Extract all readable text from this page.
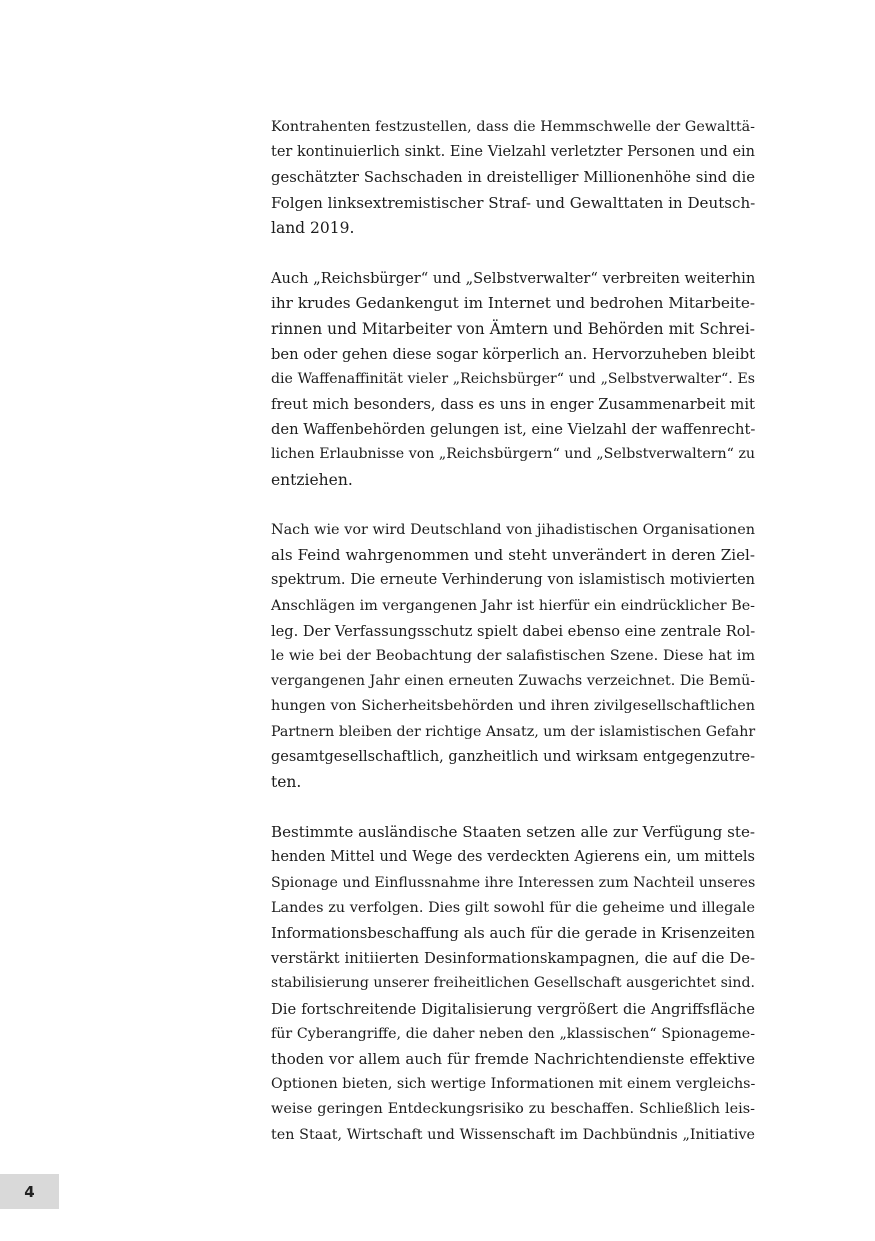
Kontrahenten festzustellen, dass die Hemmschwelle der Gewalttä-
ter kontinuierlich sinkt. Eine Vielzahl verletzter Personen und ein
geschätzter Sachschaden in dreistelliger Millionenhöhe sind die
Folgen linksextremistischer Straf- und Gewalttaten in Deutsch-
land 2019.
Auch „Reichsbürger“ und „Selbstverwalter“ verbreiten weiterhin
ihr krudes Gedankengut im Internet und bedrohen Mitarbeite-
rinnen und Mitarbeiter von Ämtern und Behörden mit Schrei-
ben oder gehen diese sogar körperlich an. Hervorzuheben bleibt
die Waffenaffinität vieler „Reichsbürger“ und „Selbstverwalter“. Es
freut mich besonders, dass es uns in enger Zusammenarbeit mit
den Waffenbehörden gelungen ist, eine Vielzahl der waffenrecht-
lichen Erlaubnisse von „Reichsbürgern“ und „Selbstverwaltern“ zu
entziehen.
Nach wie vor wird Deutschland von jihadistischen Organisationen
als Feind wahrgenommen und steht unverändert in deren Ziel-
spektrum. Die erneute Verhinderung von islamistisch motivierten
Anschlägen im vergangenen Jahr ist hierfür ein eindrücklicher Be-
leg. Der Verfassungsschutz spielt dabei ebenso eine zentrale Rol-
le wie bei der Beobachtung der salafistischen Szene. Diese hat im
vergangenen Jahr einen erneuten Zuwachs verzeichnet. Die Bemü-
hungen von Sicherheitsbehörden und ihren zivilgesellschaftlichen
Partnern bleiben der richtige Ansatz, um der islamistischen Gefahr
gesamtgesellschaftlich, ganzheitlich und wirksam entgegenzutre-
ten.
Bestimmte ausländische Staaten setzen alle zur Verfügung ste-
henden Mittel und Wege des verdeckten Agierens ein, um mittels
Spionage und Einflussnahme ihre Interessen zum Nachteil unseres
Landes zu verfolgen. Dies gilt sowohl für die geheime und illegale
Informationsbeschaffung als auch für die gerade in Krisenzeiten
verstärkt initiierten Desinformationskampagnen, die auf die De-
stabilisierung unserer freiheitlichen Gesellschaft ausgerichtet sind.
Die fortschreitende Digitalisierung vergrößert die Angriffsfläche
für Cyberangriffe, die daher neben den „klassischen“ Spionageme-
thoden vor allem auch für fremde Nachrichtendienste effektive
Optionen bieten, sich wertige Informationen mit einem vergleichs-
weise geringen Entdeckungsrisiko zu beschaffen. Schließlich leis-
ten Staat, Wirtschaft und Wissenschaft im Dachbündnis „Initiative
4
